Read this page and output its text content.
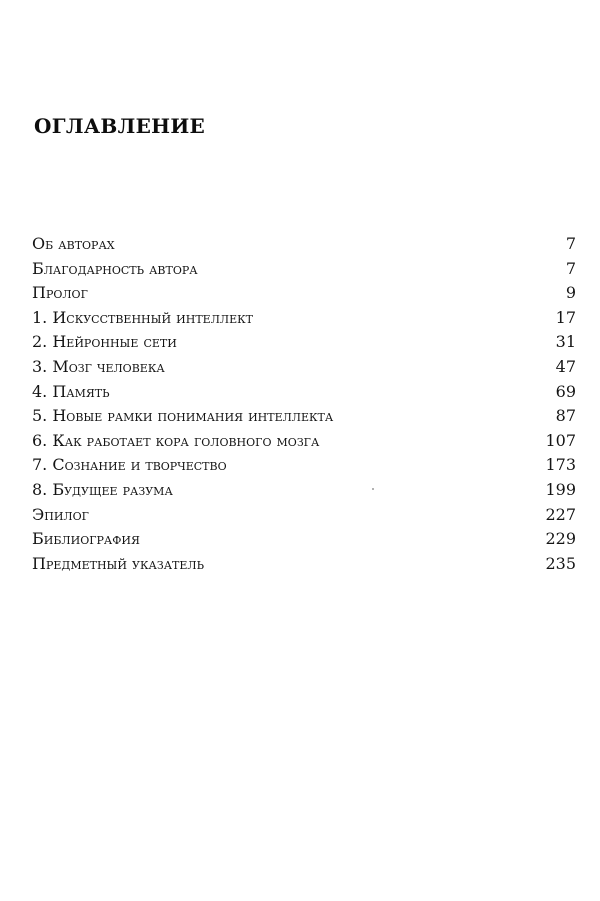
ОГЛАВЛЕНИЕ
Об авторах	7
Благодарность автора	7
Пролог	9
1. Искусственный интеллект	17
2. Нейронные сети	31
3. Мозг человека	47
4. Память	69
5. Новые рамки понимания интеллекта	87
6. Как работает кора головного мозга	107
7. Сознание и творчество	173
8. Будущее разума	199
Эпилог	227
Библиография	229
Предметный указатель	235
